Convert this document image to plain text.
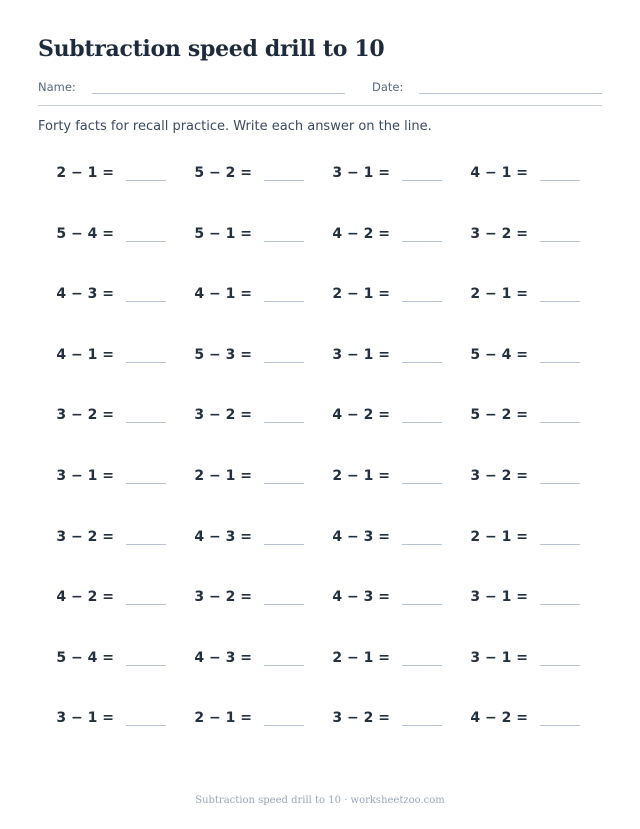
Subtraction speed drill to 10
Name:	Date:
Forty facts for recall practice. Write each answer on the line.
2 − 1 =	5 − 2 =	3 − 1 =	4 − 1 =
5 − 4 =	5 − 1 =	4 − 2 =	3 − 2 =
4 − 3 =	4 − 1 =	2 − 1 =	2 − 1 =
4 − 1 =	5 − 3 =	3 − 1 =	5 − 4 =
3 − 2 =	3 − 2 =	4 − 2 =	5 − 2 =
3 − 1 =	2 − 1 =	2 − 1 =	3 − 2 =
3 − 2 =	4 − 3 =	4 − 3 =	2 − 1 =
4 − 2 =	3 − 2 =	4 − 3 =	3 − 1 =
5 − 4 =	4 − 3 =	2 − 1 =	3 − 1 =
3 − 1 =	2 − 1 =	3 − 2 =	4 − 2 =
Subtraction speed drill to 10 · worksheetzoo.com
